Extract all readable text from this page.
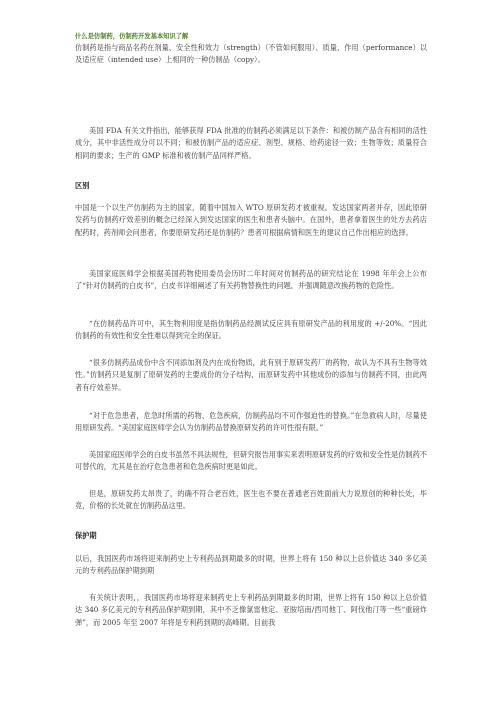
什么是仿制药，仿制药开发基本知识了解

仿制药是指与商品名药在剂量、安全性和效力（strength）（不管如何服用）、质量、作用（performance）以及适应症（intended use）上相同的一种仿制品（copy）。

美国 FDA 有关文件指出，能够获得 FDA 批准的仿制药必须满足以下条件：和被仿制产品含有相同的活性成分，其中非活性成分可以不同；和被仿制产品的适应症、剂型、规格、给药途径一致；生物等效；质量符合相同的要求；生产的 GMP 标准和被仿制产品同样严格。

区别

中国是一个以生产仿制药为主的国家，随着中国加入 WTO 原研发药才被重视。发达国家两者并存，因此原研发药与仿制药疗效差别的概念已经深入到发达国家的医生和患者头脑中。在国外，患者拿着医生的处方去药店配药时，药剂师会问患者，你要原研发药还是仿制药？患者可根据病情和医生的建议自己作出相应的选择。

美国家庭医师学会根据美国药物使用委员会历时二年时间对仿制药品的研究结论在 1998 年年会上公布了“针对仿制药的白皮书”，白皮书详细阐述了有关药物替换性的问题，并强调随意改换药物的危险性。

“在仿制药品许可中，其生物利用度是指仿制药品经测试反应具有原研发产品的利用度的 +/-20%。“因此仿制药的有效性和安全性难以得到完全的保证。

“很多仿制药品成份中含不同添加剂及内在成份物质，此有别于原研发药厂的药物，故认为不具有生物等效性。”仿制药只是复制了原研发药的主要成份的分子结构，而原研发药中其他成份的添加与仿制药不同，由此两者有疗效差异。

“对于危急患者，危急时所需的药物、危急疾病，仿制药品均不可作强迫性的替换。”在急救病人时，尽量使用原研发药。“美国家庭医师学会认为仿制药品替换原研发药的许可性很有限。”

美国家庭医师学会的白皮书虽然不具法规性，但研究报告用事实来表明原研发药的疗效和安全性是仿制药不可替代的，尤其是在治疗危急患者和危急疾病时更是如此。

但是，原研发药太昂贵了，的确不符合老百姓，医生也不要在普通老百姓面前大力说原创的种种长处，毕竟，价格的长处就在仿制药品这里。

保护期

以后，我国医药市场将迎来制药史上专利药品到期最多的时期，世界上将有 150 种以上总价值达 340 多亿美元的专利药品保护期到期

有关统计表明，，我国医药市场将迎来制药史上专利药品到期最多的时期，世界上将有 150 种以上总价值达 340 多亿美元的专利药品保护期到期，其中不乏像氯雷他定、亚胺培南/西司他丁、阿伐他汀等一些“重磅炸弹”，而 2005 年至 2007 年将是专利药到期的高峰期。目前我
